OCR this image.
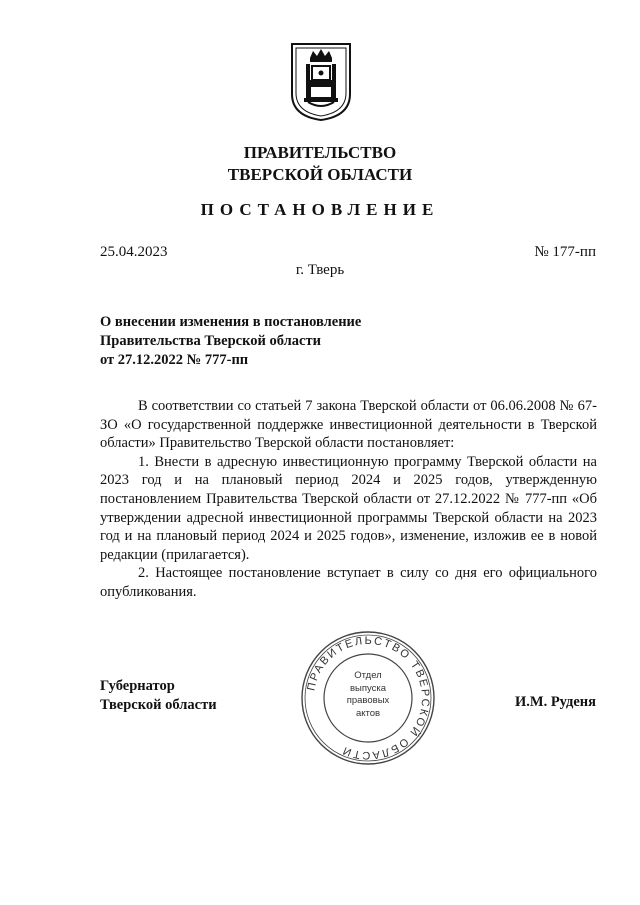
ПРАВИТЕЛЬСТВО
ТВЕРСКОЙ ОБЛАСТИ
ПОСТАНОВЛЕНИЕ
25.04.2023	№ 177-пп
г. Тверь
О внесении изменения в постановление
Правительства Тверской области
от 27.12.2022 № 777-пп

В соответствии со статьей 7 закона Тверской области от 06.06.2008 № 67-ЗО «О государственной поддержке инвестиционной деятельности в Тверской области» Правительство Тверской области постановляет:

1. Внести в адресную инвестиционную программу Тверской области на 2023 год и на плановый период 2024 и 2025 годов, утвержденную постановлением Правительства Тверской области от 27.12.2022 № 777-пп «Об утверждении адресной инвестиционной программы Тверской области на 2023 год и на плановый период 2024 и 2025 годов», изменение, изложив ее в новой редакции (прилагается).

2. Настоящее постановление вступает в силу со дня его официального опубликования.

Губернатор
Тверской области
ПРАВИТЕЛЬСТВО ТВЕРСКОЙ ОБЛАСТИ
Отдел
выпуска
правовых
актов
И.М. Руденя
